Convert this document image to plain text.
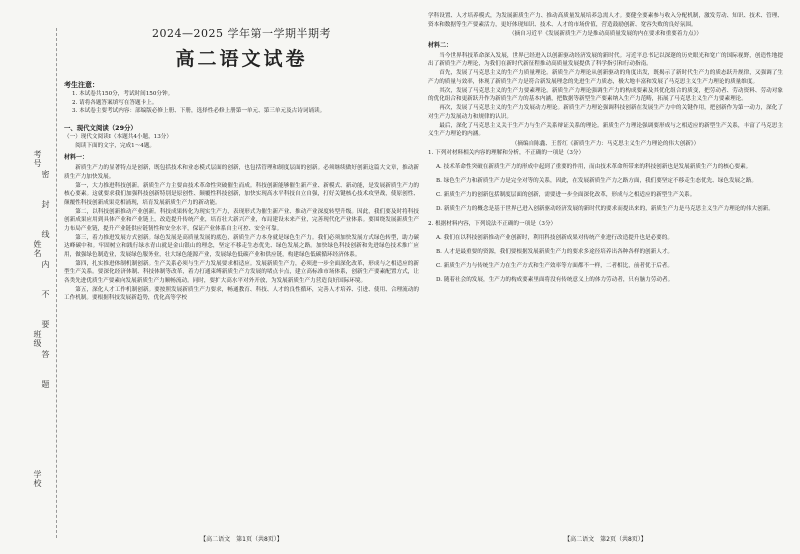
考号
姓名
班级
学校
密
封
线
内
不
要
答
题
2024—2025 学年第一学期半期考
高二语文试卷
考生注意：
1. 本试卷共150分，考试时间150分钟。
2. 请将各题答案填写在答题卡上。
3. 本试卷主要考试内容：部编版必修上册、下册，选择性必修上册第一单元、第三单元及古诗词诵读。
一、现代文阅读（29分）
（一）现代文阅读Ⅰ（本题共4小题，13分）
阅读下面的文字，完成1～4题。
材料一：

新质生产力的显著特点是创新，既包括技术和业态模式层面的创新，也包括管理和制度层面的创新。必须继续做好创新这篇大文章，推动新质生产力加快发展。

第一，大力推进科技创新。新质生产力主要由技术革命性突破催生而成。科技创新能够催生新产业、新模式、新动能，是发展新质生产力的核心要素。这就要求我们加强科技创新特别是原创性、颠覆性科技创新，加快实现高水平科技自立自强，打好关键核心技术攻坚战，使原创性、颠覆性科技创新成果竞相涌现，培育发展新质生产力的新动能。

第二，以科技创新推动产业创新。科技成果转化为现实生产力，表现形式为催生新产业、推动产业深度转型升级。因此，我们要及时将科技创新成果应用到具体产业和产业链上，改造提升传统产业，培育壮大新兴产业，布局建设未来产业，完善现代化产业体系。要围绕发展新质生产力布局产业链，提升产业链供应链韧性和安全水平，保证产业体系自主可控、安全可靠。

第三，着力推进发展方式创新。绿色发展是高质量发展的底色，新质生产力本身就是绿色生产力。我们必须加快发展方式绿色转型，助力碳达峰碳中和。牢固树立和践行绿水青山就是金山银山的理念，坚定不移走生态优先、绿色发展之路。加快绿色科技创新和先进绿色技术推广应用，做强绿色制造业，发展绿色服务业，壮大绿色能源产业，发展绿色低碳产业和供应链，构建绿色低碳循环经济体系。

第四，扎实推进体制机制创新。生产关系必须与生产力发展要求相适应。发展新质生产力，必须进一步全面深化改革，形成与之相适应的新型生产关系。要深化经济体制、科技体制等改革，着力打通束缚新质生产力发展的堵点卡点，建立高标准市场体系，创新生产要素配置方式，让各类先进优质生产要素向发展新质生产力顺畅流动。同时，要扩大高水平对外开放，为发展新质生产力营造良好国际环境。

第五，深化人才工作机制创新。要按照发展新质生产力要求，畅通教育、科技、人才的良性循环，完善人才培养、引进、使用、合理流动的工作机制。要根据科技发展新趋势，优化高等学校

【高二语文　第1页（共8页）】

学科设置、人才培养模式，为发展新质生产力、推动高质量发展培养急需人才。要健全要素参与收入分配机制，激发劳动、知识、技术、管理、资本和数据等生产要素活力，更好体现知识、技术、人才的市场价值，营造鼓励创新、宽容失败的良好氛围。

（摘自习近平《发展新质生产力是推动高质量发展的内在要求和重要着力点》）
材料二：

当今世界科技革命深入发展，世界已经进入以创新驱动经济发展的新时代。习近平总书记以深邃的历史眼光和宽广的国际视野，创造性地提出了新质生产力理论，为我们在新时代新征程推动高质量发展提供了科学指引和行动指南。

首先，发展了马克思主义的生产力质量理论。新质生产力理论从创新驱动的角度出发，既揭示了新时代生产力的质态跃升规律，又强调了生产力的质量与效率，体现了新质生产力是符合新发展理念的先进生产力质态，极大地丰富和发展了马克思主义生产力理论的质量维度。

其次，发展了马克思主义的生产力要素理论。新质生产力理论强调生产力的构成要素及其优化组合的质变，把劳动者、劳动资料、劳动对象的优化组合和更新跃升作为新质生产力的基本内涵，把数据等新型生产要素纳入生产力范畴，拓展了马克思主义生产力要素理论。

再次，发展了马克思主义的生产力发展动力理论。新质生产力理论强调科技创新在发展生产力中的关键作用，把创新作为第一动力，深化了对生产力发展动力和规律的认识。

最后，深化了马克思主义关于生产力与生产关系辩证关系的理论。新质生产力理论强调要形成与之相适应的新型生产关系，丰富了马克思主义生产力理论的内涵。

（摘编自陈鑫、王普红《新质生产力：马克思主义生产力理论的伟大创新》）

1. 下列对材料相关内容的理解和分析，不正确的一项是（3分）

A. 技术革命性突破在新质生产力的形成中起到了重要的作用，而由技术革命所带来的科技创新也是发展新质生产力的核心要素。

B. 绿色生产力和新质生产力是完全对等的关系，因此，在发展新质生产力之路方面，我们要坚定不移走生态优先、绿色发展之路。

C. 新质生产力的创新包括制度层面的创新，需要进一步全面深化改革，形成与之相适应的新型生产关系。

D. 新质生产力的概念是基于世界已进入创新驱动经济发展的新时代的要求而提出来的，新质生产力是马克思主义生产力理论的伟大创新。

2. 根据材料内容，下列说法不正确的一项是（3分）

A. 我们在以科技创新推动产业创新时，利用科技创新成果对传统产业进行改造提升也是必要的。

B. 人才是最重要的资源，我们要根据发展新质生产力的要求多途径培养出各种各样的创新人才。

C. 新质生产力与传统生产力在生产方式和生产效率等方面都不一样，二者相比，前者优于后者。

D. 随着社会的发展，生产力的构成要素里面将没有传统意义上的体力劳动者，只有脑力劳动者。

【高二语文　第2页（共8页）】
